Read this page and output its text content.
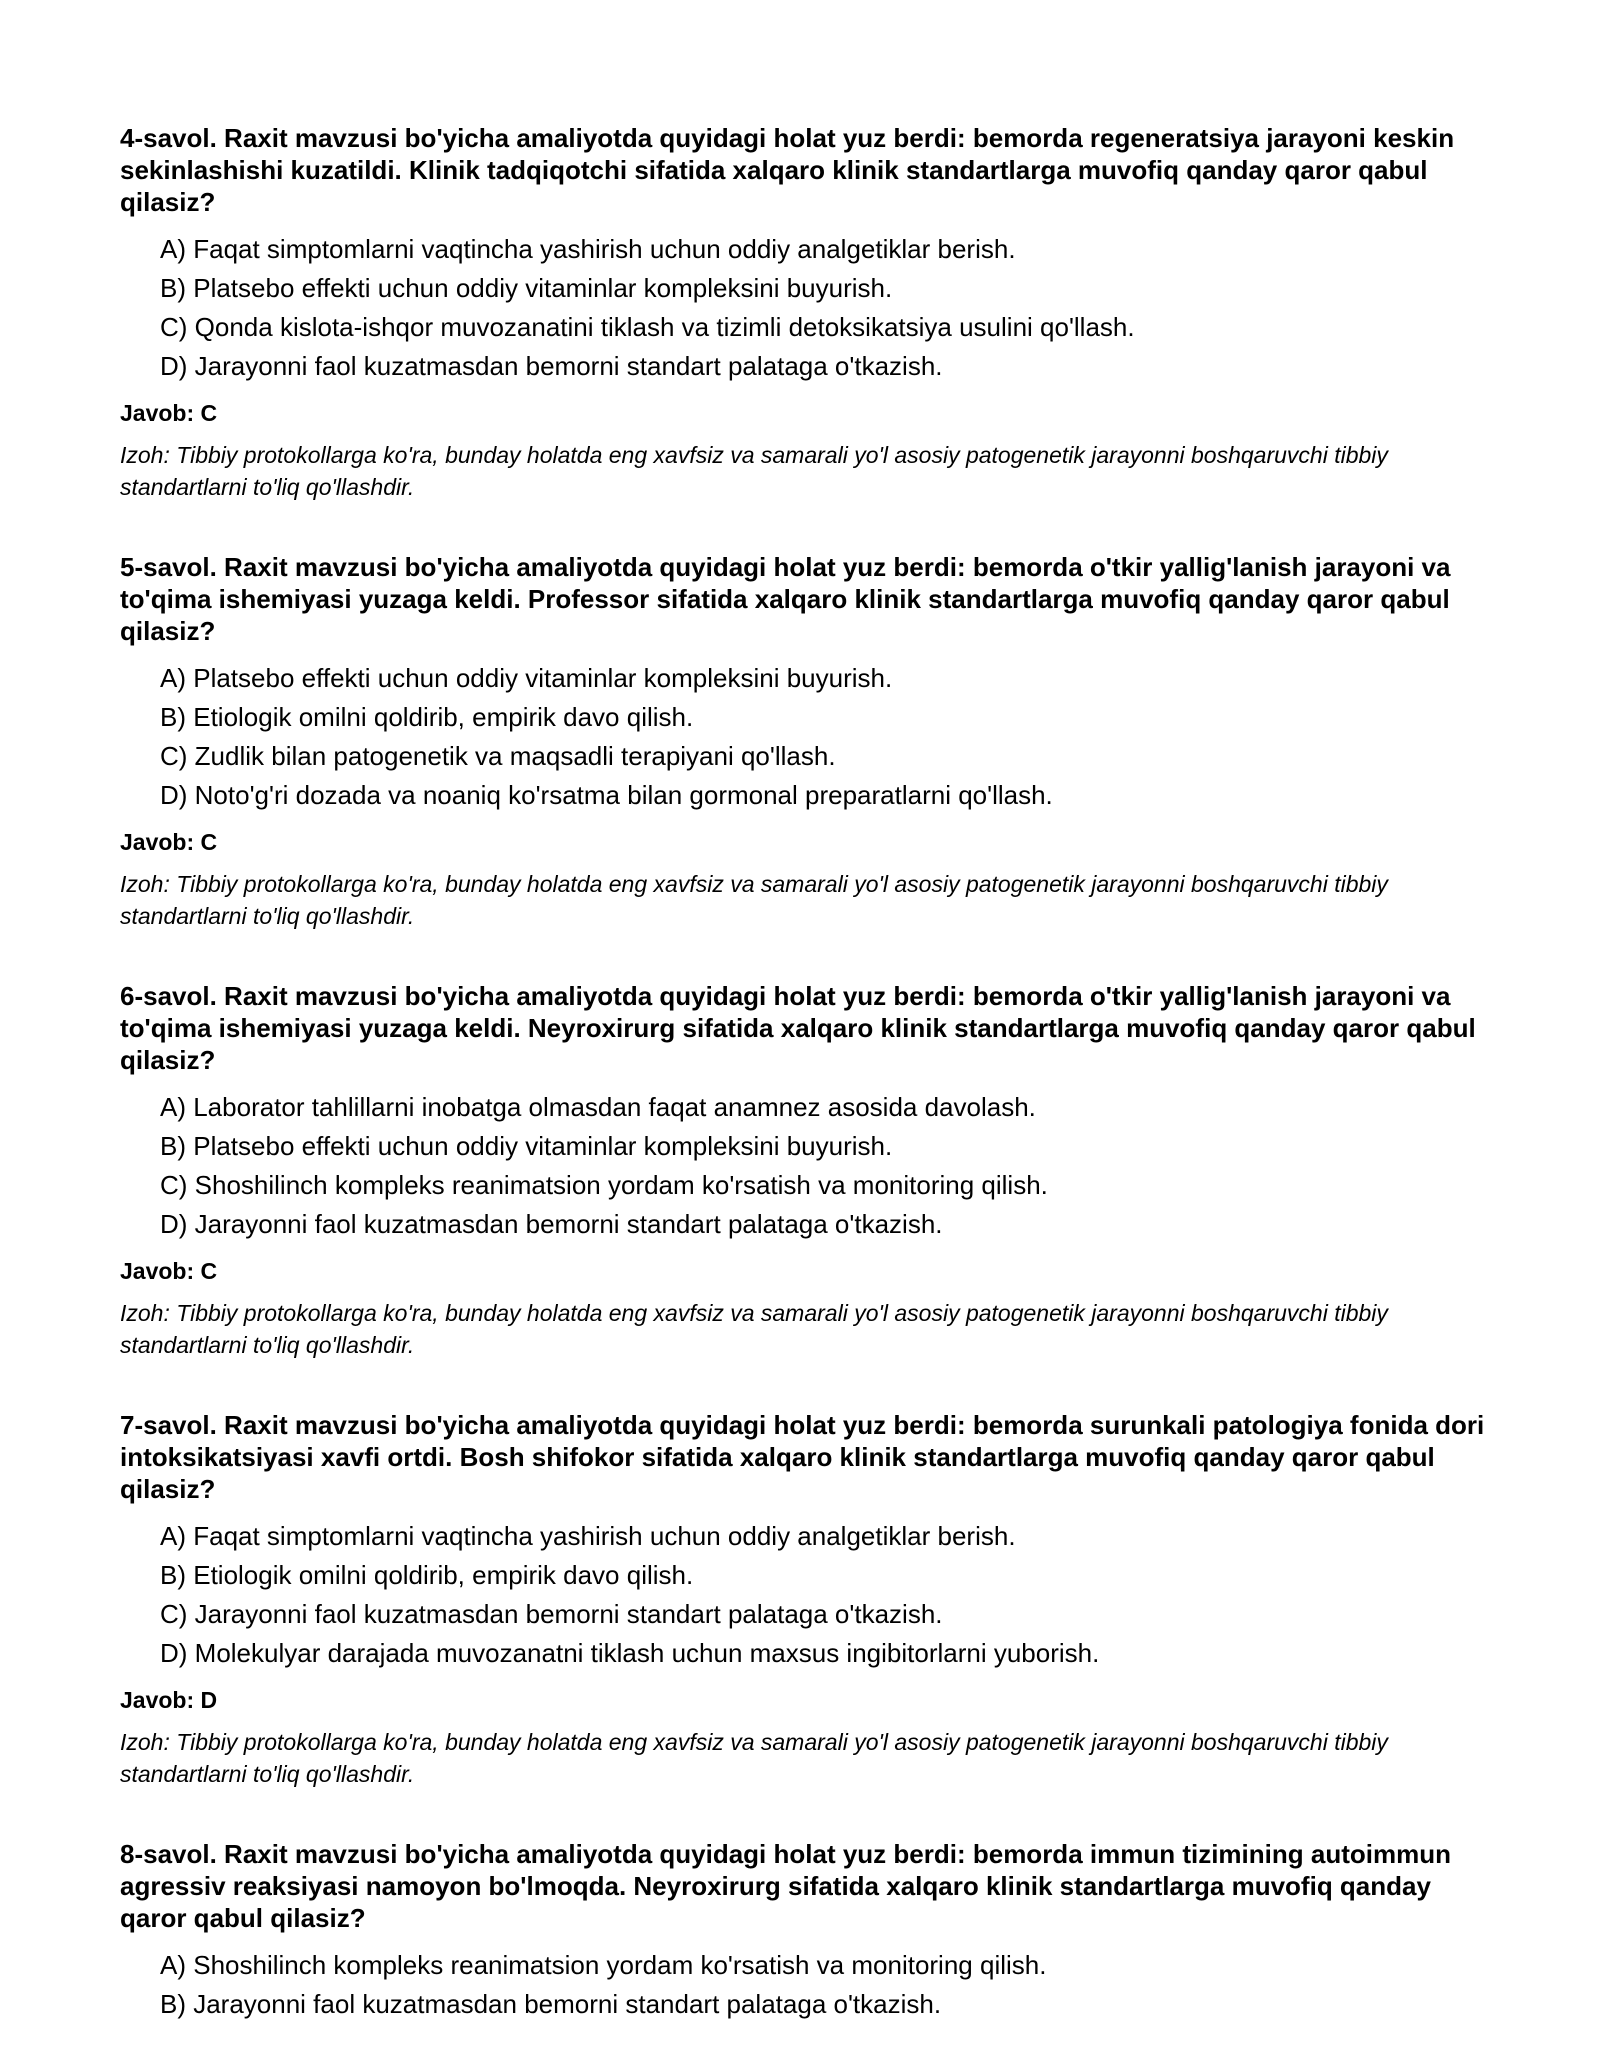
4-savol. Raxit mavzusi bo'yicha amaliyotda quyidagi holat yuz berdi: bemorda regeneratsiya jarayoni keskin sekinlashishi kuzatildi. Klinik tadqiqotchi sifatida xalqaro klinik standartlarga muvofiq qanday qaror qabul qilasiz?
A) Faqat simptomlarni vaqtincha yashirish uchun oddiy analgetiklar berish.
B) Platsebo effekti uchun oddiy vitaminlar kompleksini buyurish.
C) Qonda kislota-ishqor muvozanatini tiklash va tizimli detoksikatsiya usulini qo'llash.
D) Jarayonni faol kuzatmasdan bemorni standart palataga o'tkazish.
Javob: C

Izoh: Tibbiy protokollarga ko'ra, bunday holatda eng xavfsiz va samarali yo'l asosiy patogenetik jarayonni boshqaruvchi tibbiy standartlarni to'liq qo'llashdir.

5-savol. Raxit mavzusi bo'yicha amaliyotda quyidagi holat yuz berdi: bemorda o'tkir yallig'lanish jarayoni va to'qima ishemiyasi yuzaga keldi. Professor sifatida xalqaro klinik standartlarga muvofiq qanday qaror qabul qilasiz?
A) Platsebo effekti uchun oddiy vitaminlar kompleksini buyurish.
B) Etiologik omilni qoldirib, empirik davo qilish.
C) Zudlik bilan patogenetik va maqsadli terapiyani qo'llash.
D) Noto'g'ri dozada va noaniq ko'rsatma bilan gormonal preparatlarni qo'llash.
Javob: C

Izoh: Tibbiy protokollarga ko'ra, bunday holatda eng xavfsiz va samarali yo'l asosiy patogenetik jarayonni boshqaruvchi tibbiy standartlarni to'liq qo'llashdir.

6-savol. Raxit mavzusi bo'yicha amaliyotda quyidagi holat yuz berdi: bemorda o'tkir yallig'lanish jarayoni va to'qima ishemiyasi yuzaga keldi. Neyroxirurg sifatida xalqaro klinik standartlarga muvofiq qanday qaror qabul qilasiz?
A) Laborator tahlillarni inobatga olmasdan faqat anamnez asosida davolash.
B) Platsebo effekti uchun oddiy vitaminlar kompleksini buyurish.
C) Shoshilinch kompleks reanimatsion yordam ko'rsatish va monitoring qilish.
D) Jarayonni faol kuzatmasdan bemorni standart palataga o'tkazish.
Javob: C

Izoh: Tibbiy protokollarga ko'ra, bunday holatda eng xavfsiz va samarali yo'l asosiy patogenetik jarayonni boshqaruvchi tibbiy standartlarni to'liq qo'llashdir.

7-savol. Raxit mavzusi bo'yicha amaliyotda quyidagi holat yuz berdi: bemorda surunkali patologiya fonida dori intoksikatsiyasi xavfi ortdi. Bosh shifokor sifatida xalqaro klinik standartlarga muvofiq qanday qaror qabul qilasiz?
A) Faqat simptomlarni vaqtincha yashirish uchun oddiy analgetiklar berish.
B) Etiologik omilni qoldirib, empirik davo qilish.
C) Jarayonni faol kuzatmasdan bemorni standart palataga o'tkazish.
D) Molekulyar darajada muvozanatni tiklash uchun maxsus ingibitorlarni yuborish.
Javob: D

Izoh: Tibbiy protokollarga ko'ra, bunday holatda eng xavfsiz va samarali yo'l asosiy patogenetik jarayonni boshqaruvchi tibbiy standartlarni to'liq qo'llashdir.

8-savol. Raxit mavzusi bo'yicha amaliyotda quyidagi holat yuz berdi: bemorda immun tizimining autoimmun agressiv reaksiyasi namoyon bo'lmoqda. Neyroxirurg sifatida xalqaro klinik standartlarga muvofiq qanday qaror qabul qilasiz?
A) Shoshilinch kompleks reanimatsion yordam ko'rsatish va monitoring qilish.
B) Jarayonni faol kuzatmasdan bemorni standart palataga o'tkazish.
